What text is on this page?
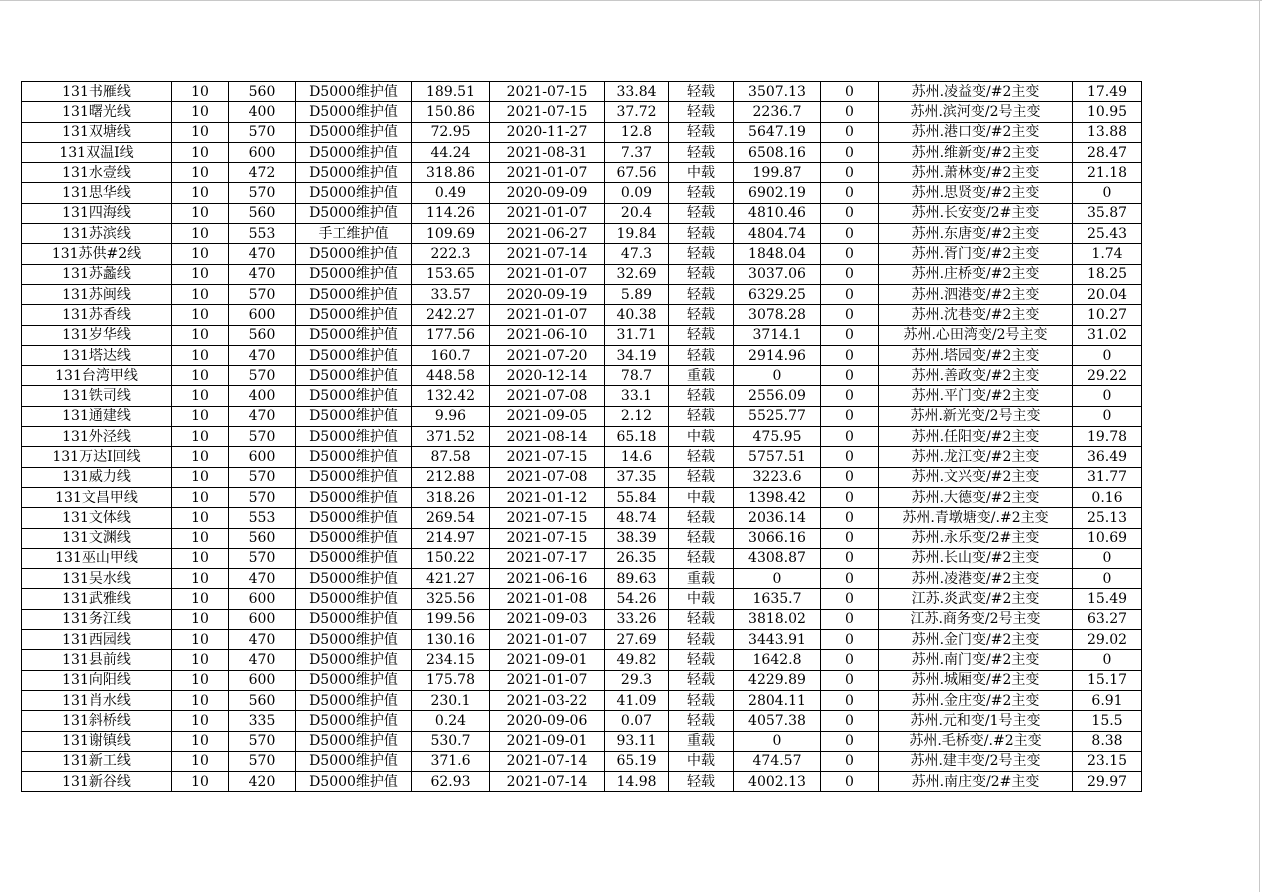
131书雁线	10	560	D5000维护值	189.51	2021-07-15	33.84	轻载	3507.13	0	苏州.凌益变/#2主变	17.49
131曙光线	10	400	D5000维护值	150.86	2021-07-15	37.72	轻载	2236.7	0	苏州.滨河变/2号主变	10.95
131双塘线	10	570	D5000维护值	72.95	2020-11-27	12.8	轻载	5647.19	0	苏州.港口变/#2主变	13.88
131双温I线	10	600	D5000维护值	44.24	2021-08-31	7.37	轻载	6508.16	0	苏州.维新变/#2主变	28.47
131水壹线	10	472	D5000维护值	318.86	2021-01-07	67.56	中载	199.87	0	苏州.萧林变/#2主变	21.18
131思华线	10	570	D5000维护值	0.49	2020-09-09	0.09	轻载	6902.19	0	苏州.思贤变/#2主变	0
131四海线	10	560	D5000维护值	114.26	2021-01-07	20.4	轻载	4810.46	0	苏州.长安变/2#主变	35.87
131苏滨线	10	553	手工维护值	109.69	2021-06-27	19.84	轻载	4804.74	0	苏州.东唐变/#2主变	25.43
131苏供#2线	10	470	D5000维护值	222.3	2021-07-14	47.3	轻载	1848.04	0	苏州.胥门变/#2主变	1.74
131苏蠡线	10	470	D5000维护值	153.65	2021-01-07	32.69	轻载	3037.06	0	苏州.庄桥变/#2主变	18.25
131苏闽线	10	570	D5000维护值	33.57	2020-09-19	5.89	轻载	6329.25	0	苏州.泗港变/#2主变	20.04
131苏香线	10	600	D5000维护值	242.27	2021-01-07	40.38	轻载	3078.28	0	苏州.沈巷变/#2主变	10.27
131岁华线	10	560	D5000维护值	177.56	2021-06-10	31.71	轻载	3714.1	0	苏州.心田湾变/2号主变	31.02
131塔达线	10	470	D5000维护值	160.7	2021-07-20	34.19	轻载	2914.96	0	苏州.塔园变/#2主变	0
131台湾甲线	10	570	D5000维护值	448.58	2020-12-14	78.7	重载	0	0	苏州.善政变/#2主变	29.22
131铁司线	10	400	D5000维护值	132.42	2021-07-08	33.1	轻载	2556.09	0	苏州.平门变/#2主变	0
131通建线	10	470	D5000维护值	9.96	2021-09-05	2.12	轻载	5525.77	0	苏州.新光变/2号主变	0
131外泾线	10	570	D5000维护值	371.52	2021-08-14	65.18	中载	475.95	0	苏州.任阳变/#2主变	19.78
131万达Ⅰ回线	10	600	D5000维护值	87.58	2021-07-15	14.6	轻载	5757.51	0	苏州.龙江变/#2主变	36.49
131威力线	10	570	D5000维护值	212.88	2021-07-08	37.35	轻载	3223.6	0	苏州.文兴变/#2主变	31.77
131文昌甲线	10	570	D5000维护值	318.26	2021-01-12	55.84	中载	1398.42	0	苏州.大德变/#2主变	0.16
131文体线	10	553	D5000维护值	269.54	2021-07-15	48.74	轻载	2036.14	0	苏州.青墩塘变/.#2主变	25.13
131文渊线	10	560	D5000维护值	214.97	2021-07-15	38.39	轻载	3066.16	0	苏州.永乐变/2#主变	10.69
131巫山甲线	10	570	D5000维护值	150.22	2021-07-17	26.35	轻载	4308.87	0	苏州.长山变/#2主变	0
131吴水线	10	470	D5000维护值	421.27	2021-06-16	89.63	重载	0	0	苏州.凌港变/#2主变	0
131武雅线	10	600	D5000维护值	325.56	2021-01-08	54.26	中载	1635.7	0	江苏.炎武变/#2主变	15.49
131务江线	10	600	D5000维护值	199.56	2021-09-03	33.26	轻载	3818.02	0	江苏.商务变/2号主变	63.27
131西园线	10	470	D5000维护值	130.16	2021-01-07	27.69	轻载	3443.91	0	苏州.金门变/#2主变	29.02
131县前线	10	470	D5000维护值	234.15	2021-09-01	49.82	轻载	1642.8	0	苏州.南门变/#2主变	0
131向阳线	10	600	D5000维护值	175.78	2021-01-07	29.3	轻载	4229.89	0	苏州.城厢变/#2主变	15.17
131肖水线	10	560	D5000维护值	230.1	2021-03-22	41.09	轻载	2804.11	0	苏州.金庄变/#2主变	6.91
131斜桥线	10	335	D5000维护值	0.24	2020-09-06	0.07	轻载	4057.38	0	苏州.元和变/1号主变	15.5
131谢镇线	10	570	D5000维护值	530.7	2021-09-01	93.11	重载	0	0	苏州.毛桥变/.#2主变	8.38
131新工线	10	570	D5000维护值	371.6	2021-07-14	65.19	中载	474.57	0	苏州.建丰变/2号主变	23.15
131新谷线	10	420	D5000维护值	62.93	2021-07-14	14.98	轻载	4002.13	0	苏州.南庄变/2#主变	29.97
